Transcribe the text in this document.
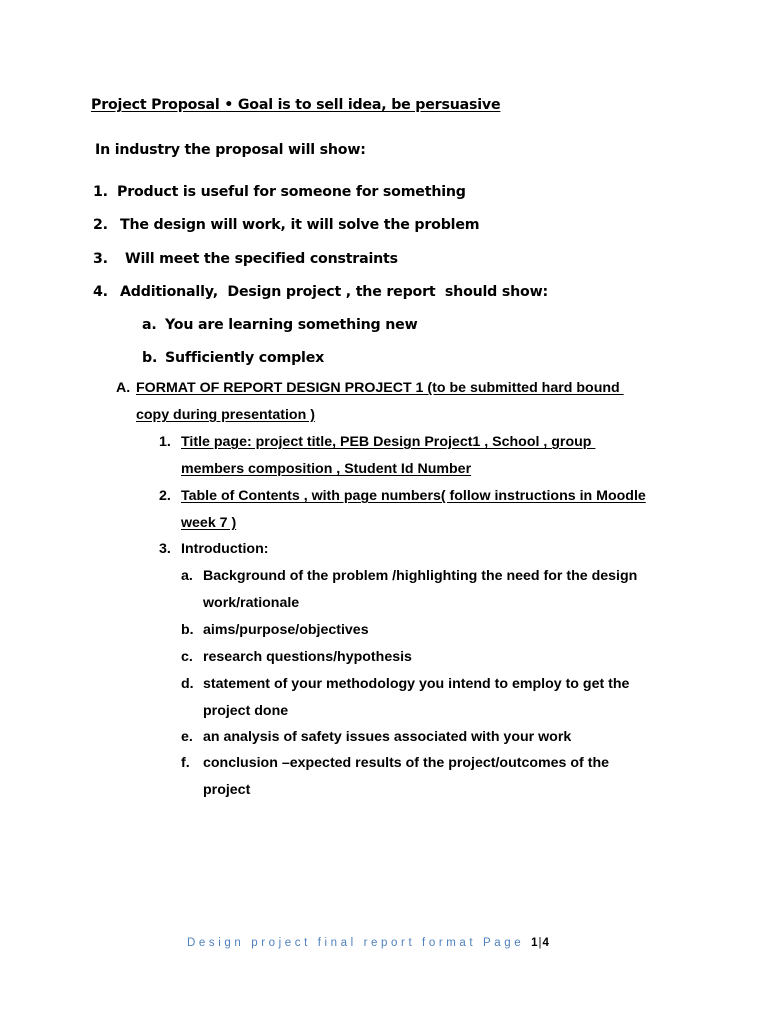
Project Proposal • Goal is to sell idea, be persuasive
In industry the proposal will show:
1. Product is useful for someone for something
2. The design will work, it will solve the problem
3. Will meet the specified constraints
4. Additionally,  Design project , the report  should show:
a. You are learning something new
b. Sufficiently complex
A. FORMAT OF REPORT DESIGN PROJECT 1 (to be submitted hard bound
copy during presentation )
1. Title page: project title, PEB Design Project1 , School , group
members composition , Student Id Number
2. Table of Contents , with page numbers( follow instructions in Moodle
week 7 )
3. Introduction:
a. Background of the problem /highlighting the need for the design
work/rationale
b. aims/purpose/objectives
c. research questions/hypothesis
d. statement of your methodology you intend to employ to get the
project done
e. an analysis of safety issues associated with your work
f. conclusion –expected results of the project/outcomes of the
project
Design project final report format Page 1|4
